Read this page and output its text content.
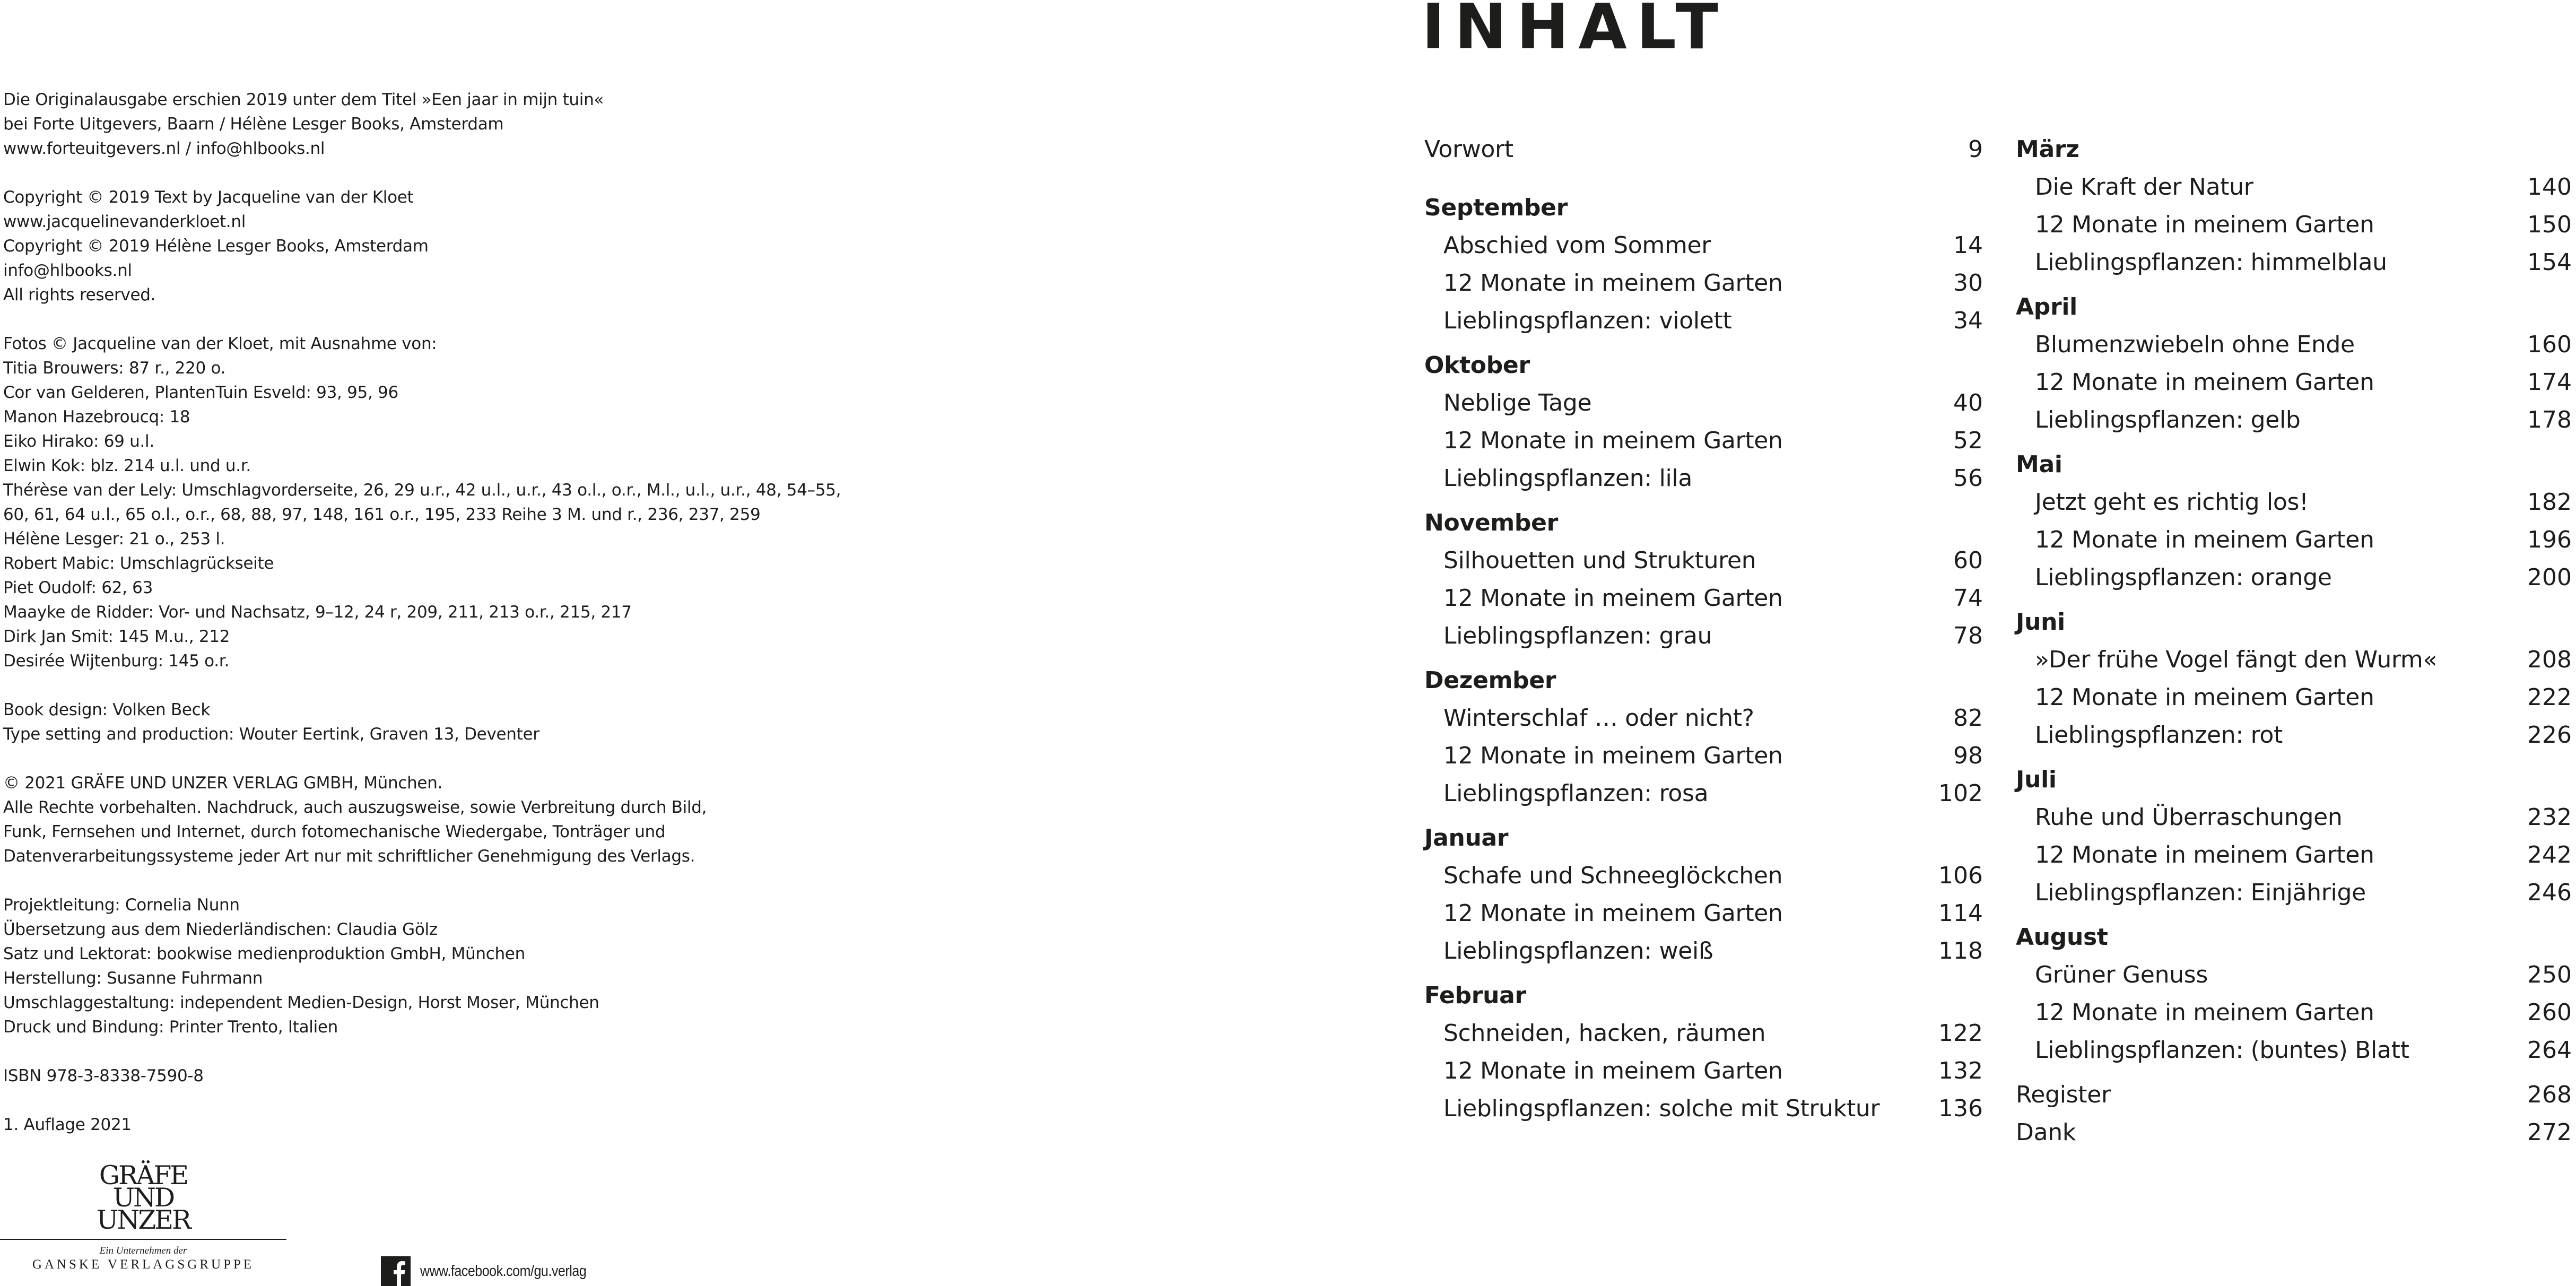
Die Originalausgabe erschien 2019 unter dem Titel »Een jaar in mijn tuin«
bei Forte Uitgevers, Baarn / Hélène Lesger Books, Amsterdam
www.forteuitgevers.nl / info@hlbooks.nl
Copyright © 2019 Text by Jacqueline van der Kloet
www.jacquelinevanderkloet.nl
Copyright © 2019 Hélène Lesger Books, Amsterdam
info@hlbooks.nl
All rights reserved.
Fotos © Jacqueline van der Kloet, mit Ausnahme von:
Titia Brouwers: 87 r., 220 o.
Cor van Gelderen, PlantenTuin Esveld: 93, 95, 96
Manon Hazebroucq: 18
Eiko Hirako: 69 u.l.
Elwin Kok: blz. 214 u.l. und u.r.
Thérèse van der Lely: Umschlagvorderseite, 26, 29 u.r., 42 u.l., u.r., 43 o.l., o.r., M.l., u.l., u.r., 48, 54–55,
60, 61, 64 u.l., 65 o.l., o.r., 68, 88, 97, 148, 161 o.r., 195, 233 Reihe 3 M. und r., 236, 237, 259
Hélène Lesger: 21 o., 253 l.
Robert Mabic: Umschlagrückseite
Piet Oudolf: 62, 63
Maayke de Ridder: Vor- und Nachsatz, 9–12, 24 r, 209, 211, 213 o.r., 215, 217
Dirk Jan Smit: 145 M.u., 212
Desirée Wijtenburg: 145 o.r.
Book design: Volken Beck
Type setting and production: Wouter Eertink, Graven 13, Deventer
© 2021 GRÄFE UND UNZER VERLAG GMBH, München.
Alle Rechte vorbehalten. Nachdruck, auch auszugsweise, sowie Verbreitung durch Bild,
Funk, Fernsehen und Internet, durch fotomechanische Wiedergabe, Tonträger und
Datenverarbeitungssysteme jeder Art nur mit schriftlicher Genehmigung des Verlags.
Projektleitung: Cornelia Nunn
Übersetzung aus dem Niederländischen: Claudia Gölz
Satz und Lektorat: bookwise medienproduktion GmbH, München
Herstellung: Susanne Fuhrmann
Umschlaggestaltung: independent Medien-Design, Horst Moser, München
Druck und Bindung: Printer Trento, Italien
ISBN 978-3-8338-7590-8
1. Auflage 2021
GRÄFE
UND
UNZER
Ein Unternehmen der
GANSKE VERLAGSGRUPPE	www.facebook.com/gu.verlag
INHALT
Vorwort	9
September
Abschied vom Sommer	14
12 Monate in meinem Garten	30
Lieblingspflanzen: violett	34
Oktober
Neblige Tage	40
12 Monate in meinem Garten	52
Lieblingspflanzen: lila	56
November
Silhouetten und Strukturen	60
12 Monate in meinem Garten	74
Lieblingspflanzen: grau	78
Dezember
Winterschlaf … oder nicht?	82
12 Monate in meinem Garten	98
Lieblingspflanzen: rosa	102
Januar
Schafe und Schneeglöckchen	106
12 Monate in meinem Garten	114
Lieblingspflanzen: weiß	118
Februar
Schneiden, hacken, räumen	122
12 Monate in meinem Garten	132
Lieblingspflanzen: solche mit Struktur	136
März
Die Kraft der Natur	140
12 Monate in meinem Garten	150
Lieblingspflanzen: himmelblau	154
April
Blumenzwiebeln ohne Ende	160
12 Monate in meinem Garten	174
Lieblingspflanzen: gelb	178
Mai
Jetzt geht es richtig los!	182
12 Monate in meinem Garten	196
Lieblingspflanzen: orange	200
Juni
»Der frühe Vogel fängt den Wurm«	208
12 Monate in meinem Garten	222
Lieblingspflanzen: rot	226
Juli
Ruhe und Überraschungen	232
12 Monate in meinem Garten	242
Lieblingspflanzen: Einjährige	246
August
Grüner Genuss	250
12 Monate in meinem Garten	260
Lieblingspflanzen: (buntes) Blatt	264
Register	268
Dank	272
